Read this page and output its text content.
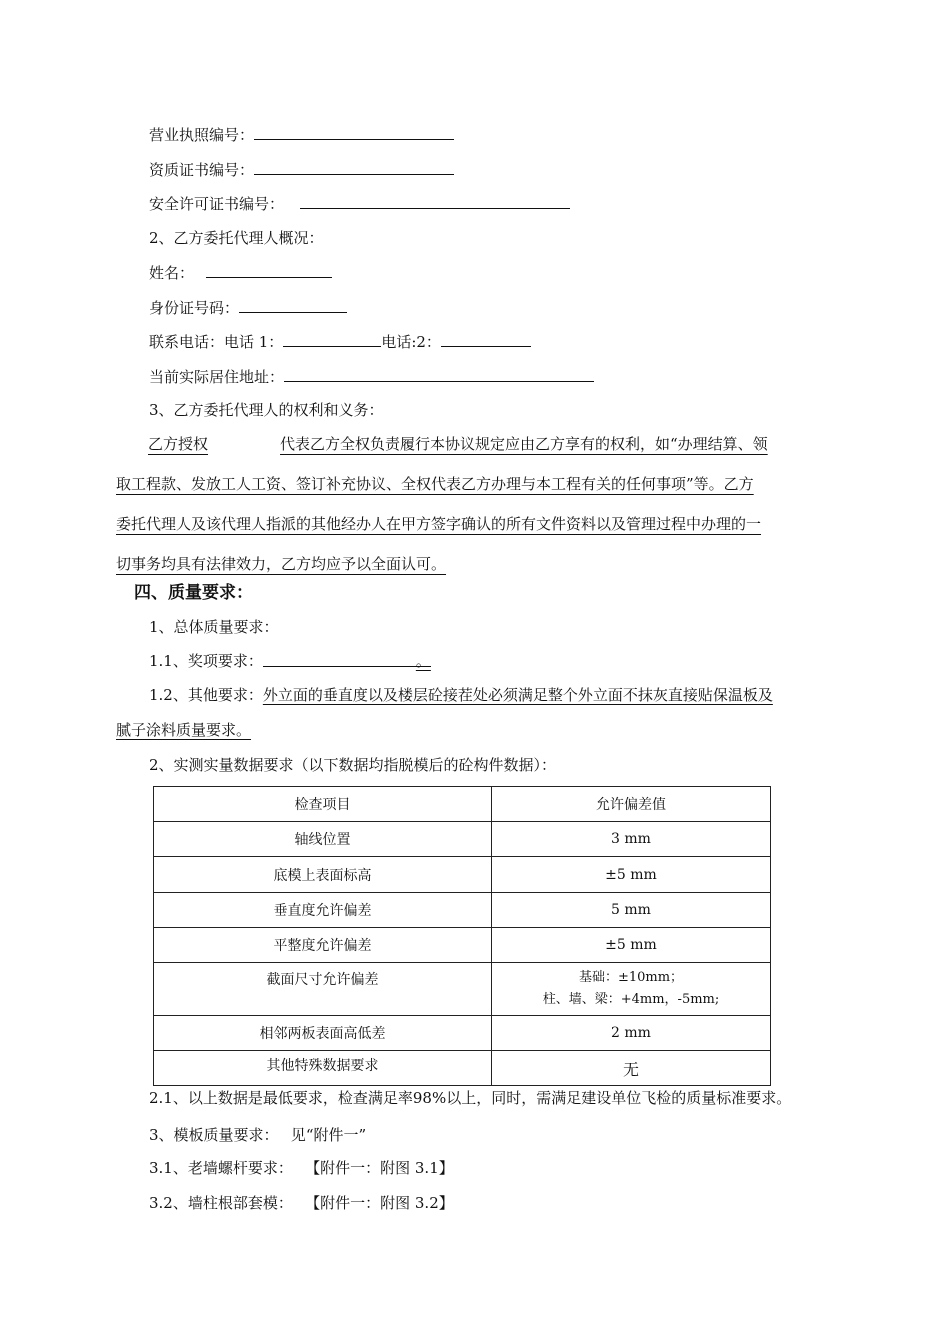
营业执照编号：
资质证书编号：
安全许可证书编号：
2、乙方委托代理人概况：
姓名：
身份证号码：
联系电话：电话 1：	电话:2：
当前实际居住地址：
3、乙方委托代理人的权利和义务：
乙方授权	代表乙方全权负责履行本协议规定应由乙方享有的权利，如“办理结算、领
取工程款、发放工人工资、签订补充协议、全权代表乙方办理与本工程有关的任何事项”等。乙方
委托代理人及该代理人指派的其他经办人在甲方签字确认的所有文件资料以及管理过程中办理的一
切事务均具有法律效力，乙方均应予以全面认可。
四、质量要求：
1、总体质量要求：
1.1、奖项要求：	。
1.2、其他要求：外立面的垂直度以及楼层砼接茬处必须满足整个外立面不抹灰直接贴保温板及
腻子涂料质量要求。
2、实测实量数据要求（以下数据均指脱模后的砼构件数据）：
检查项目	允许偏差值
轴线位置	3 mm
底模上表面标高	±5 mm
垂直度允许偏差	5 mm
平整度允许偏差	±5 mm
截面尺寸允许偏差	基础：±10mm；
柱、墙、梁：+4mm，-5mm;

相邻两板表面高低差	2 mm
其他特殊数据要求	无
2.1、以上数据是最低要求，检查满足率98%以上，同时，需满足建设单位飞检的质量标准要求。
3、模板质量要求：　 见“附件一”
3.1、老墙螺杆要求：　 【附件一：附图 3.1】
3.2、墙柱根部套模：　 【附件一：附图 3.2】
